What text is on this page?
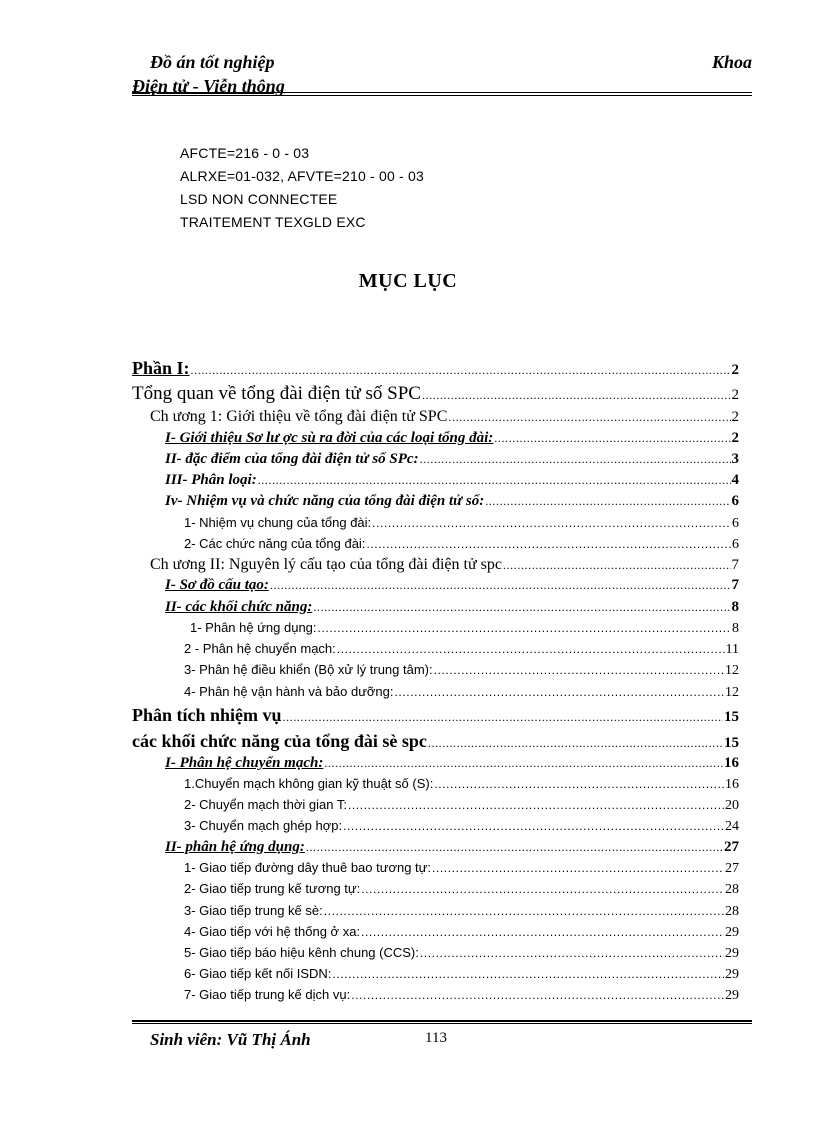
Đồ án tốt nghiệp
Điện tử - Viễn thông
Khoa
AFCTE=216 - 0 - 03
ALRXE=01-032, AFVTE=210 - 00 - 03
LSD NON CONNECTEE
TRAITEMENT TEXGLD EXC
MỤC LỤC
Phần I: .....	2
Tổng quan về tổng đài điện tử số SPC .....	2
Ch ương 1: Giới thiệu về tổng đài điện tử SPC .....	2
I- Giới thiệu Sơ lư ợc sù ra đời của các loại tổng đài: .....	2
II- đặc điểm của tổng đài điện tử số SPc: .....	3
III- Phân loại: .....	4
Iv- Nhiệm vụ và chức năng của tổng đài điện tử số: .....	6
1- Nhiệm vụ chung của tổng đài: .....	6
2- Các chức năng của tổng đài: .....	6
Ch ương II: Nguyên lý cấu tạo của tổng đài điện tử spc .....	7
I- Sơ đồ cấu tạo: .....	7
II- các khối chức năng: .....	8
1- Phân hệ ứng dụng: .....	8
2 - Phân hệ chuyển mạch: .....	11
3- Phân hệ điều khiển (Bộ xử lý trung tâm): .....	12
4- Phân hệ vận hành và bảo dưỡng: .....	12
Phân tích nhiệm vụ .....	15
các khối chức năng của tổng đài sè spc .....	15
I- Phân hệ chuyển mạch: .....	16
1.Chuyển mạch không gian kỹ thuật số (S): .....	16
2- Chuyển mạch thời gian T: .....	20
3- Chuyển mạch ghép hợp: .....	24
II- phân hệ ứng dụng: .....	27
1- Giao tiếp đường dây thuê bao tương tự: .....	27
2- Giao tiếp trung kế tương tự: .....	28
3- Giao tiếp trung kế sè: .....	28
4- Giao tiếp với hệ thống ở xa: .....	29
5- Giao tiếp báo hiệu kênh chung (CCS): .....	29
6- Giao tiếp kết nối ISDN: .....	29
7- Giao tiếp trung kế dịch vụ: .....	29
Sinh viên: Vũ Thị Ánh	113
